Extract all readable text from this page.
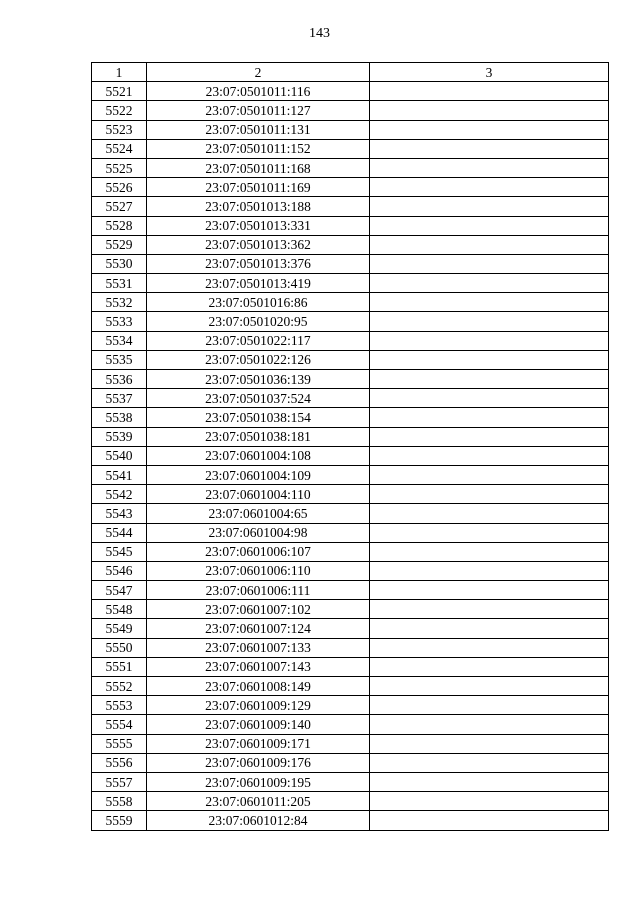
143
1	2	3
5521	23:07:0501011:116	
5522	23:07:0501011:127	
5523	23:07:0501011:131	
5524	23:07:0501011:152	
5525	23:07:0501011:168	
5526	23:07:0501011:169	
5527	23:07:0501013:188	
5528	23:07:0501013:331	
5529	23:07:0501013:362	
5530	23:07:0501013:376	
5531	23:07:0501013:419	
5532	23:07:0501016:86	
5533	23:07:0501020:95	
5534	23:07:0501022:117	
5535	23:07:0501022:126	
5536	23:07:0501036:139	
5537	23:07:0501037:524	
5538	23:07:0501038:154	
5539	23:07:0501038:181	
5540	23:07:0601004:108	
5541	23:07:0601004:109	
5542	23:07:0601004:110	
5543	23:07:0601004:65	
5544	23:07:0601004:98	
5545	23:07:0601006:107	
5546	23:07:0601006:110	
5547	23:07:0601006:111	
5548	23:07:0601007:102	
5549	23:07:0601007:124	
5550	23:07:0601007:133	
5551	23:07:0601007:143	
5552	23:07:0601008:149	
5553	23:07:0601009:129	
5554	23:07:0601009:140	
5555	23:07:0601009:171	
5556	23:07:0601009:176	
5557	23:07:0601009:195	
5558	23:07:0601011:205	
5559	23:07:0601012:84	
